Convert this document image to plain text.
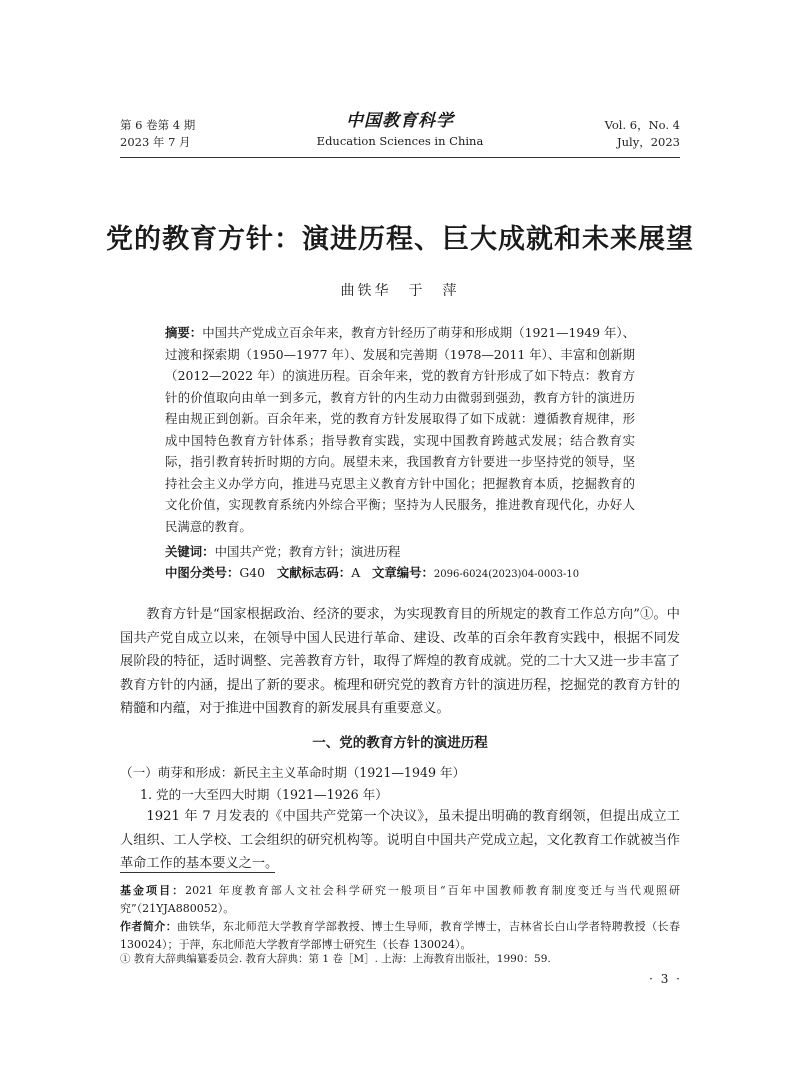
第 6 卷第 4 期
2023 年 7 月
中国教育科学
Education Sciences in China
Vol. 6，No. 4
July，2023
党的教育方针：演进历程、巨大成就和未来展望
曲铁华　于　萍
摘要：中国共产党成立百余年来，教育方针经历了萌芽和形成期（1921—1949 年）、过渡和探索期（1950—1977 年）、发展和完善期（1978—2011 年）、丰富和创新期（2012—2022 年）的演进历程。百余年来，党的教育方针形成了如下特点：教育方针的价值取向由单一到多元，教育方针的内生动力由微弱到强劲，教育方针的演进历程由规正到创新。百余年来，党的教育方针发展取得了如下成就：遵循教育规律，形成中国特色教育方针体系；指导教育实践，实现中国教育跨越式发展；结合教育实际，指引教育转折时期的方向。展望未来，我国教育方针要进一步坚持党的领导，坚持社会主义办学方向，推进马克思主义教育方针中国化；把握教育本质，挖掘教育的文化价值，实现教育系统内外综合平衡；坚持为人民服务，推进教育现代化，办好人民满意的教育。
关键词：中国共产党；教育方针；演进历程
中图分类号：G40 文献标志码：A 文章编号：2096-6024(2023)04-0003-10
教育方针是“国家根据政治、经济的要求，为实现教育目的所规定的教育工作总方向”①。中国共产党自成立以来，在领导中国人民进行革命、建设、改革的百余年教育实践中，根据不同发展阶段的特征，适时调整、完善教育方针，取得了辉煌的教育成就。党的二十大又进一步丰富了教育方针的内涵，提出了新的要求。梳理和研究党的教育方针的演进历程，挖掘党的教育方针的精髓和内蕴，对于推进中国教育的新发展具有重要意义。
一、党的教育方针的演进历程
（一）萌芽和形成：新民主主义革命时期（1921—1949 年）
1. 党的一大至四大时期（1921—1926 年）
1921 年 7 月发表的《中国共产党第一个决议》，虽未提出明确的教育纲领，但提出成立工人组织、工人学校、工会组织的研究机构等。说明自中国共产党成立起，文化教育工作就被当作革命工作的基本要义之一。
基金项目：2021 年度教育部人文社会科学研究一般项目“百年中国教师教育制度变迁与当代观照研究”（21YJA880052）。
作者简介：曲铁华，东北师范大学教育学部教授、博士生导师，教育学博士，吉林省长白山学者特聘教授（长春 130024）；于萍，东北师范大学教育学部博士研究生（长春 130024）。
① 教育大辞典编纂委员会. 教育大辞典：第 1 卷［M］. 上海：上海教育出版社，1990：59.
· 3 ·
